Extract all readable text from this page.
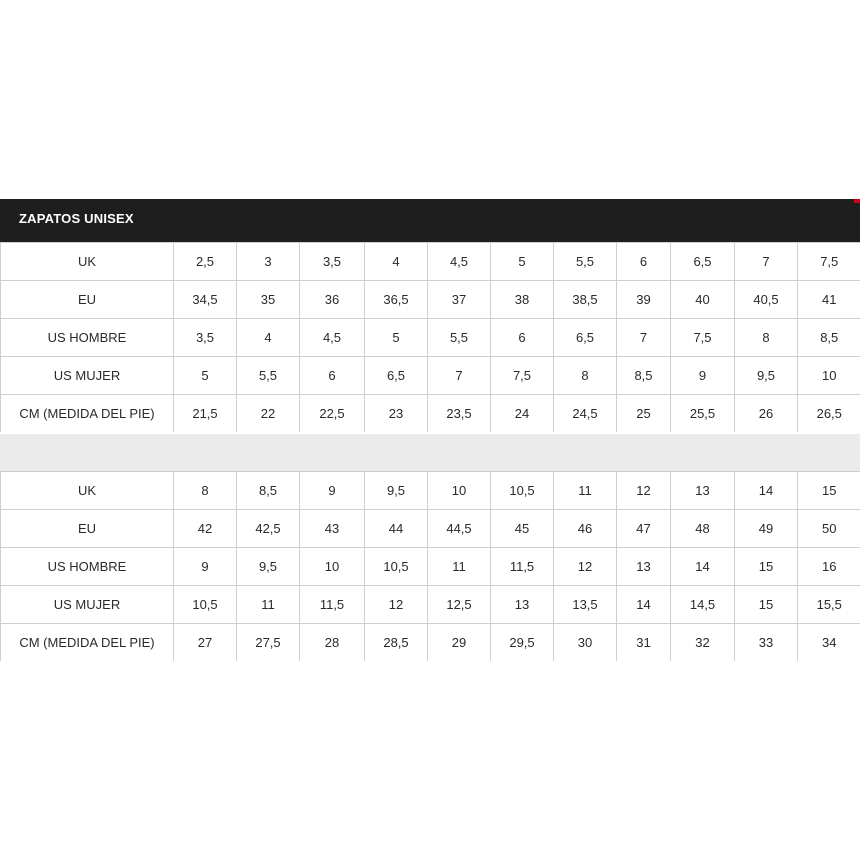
ZAPATOS UNISEX
UK	2,5	3	3,5	4	4,5	5	5,5	6	6,5	7	7,5
EU	34,5	35	36	36,5	37	38	38,5	39	40	40,5	41
US HOMBRE	3,5	4	4,5	5	5,5	6	6,5	7	7,5	8	8,5
US MUJER	5	5,5	6	6,5	7	7,5	8	8,5	9	9,5	10
CM (MEDIDA DEL PIE)	21,5	22	22,5	23	23,5	24	24,5	25	25,5	26	26,5
UK	8	8,5	9	9,5	10	10,5	11	12	13	14	15
EU	42	42,5	43	44	44,5	45	46	47	48	49	50
US HOMBRE	9	9,5	10	10,5	11	11,5	12	13	14	15	16
US MUJER	10,5	11	11,5	12	12,5	13	13,5	14	14,5	15	15,5
CM (MEDIDA DEL PIE)	27	27,5	28	28,5	29	29,5	30	31	32	33	34
